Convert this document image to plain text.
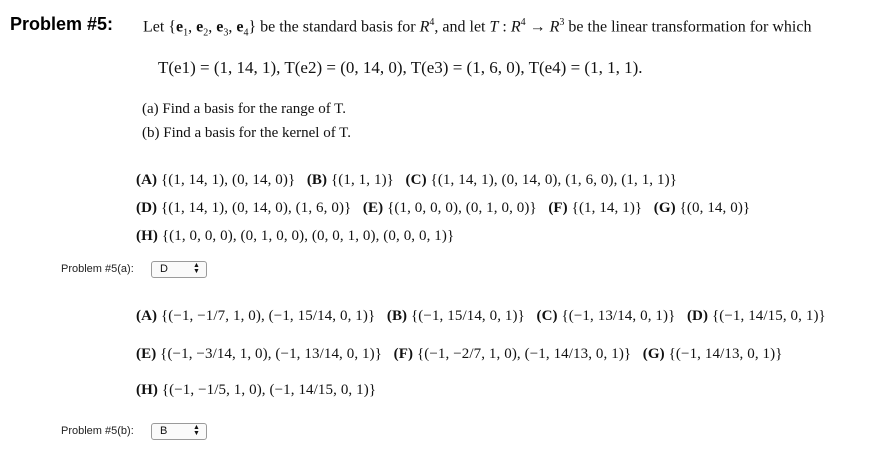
Problem #5: Let {$e_1$, $e_2$, $e_3$, $e_4$} be the standard basis for $R^4$, and let T : $R^4 \to R^3$ be the linear transformation for which
T(e1) = (1, 14, 1), T(e2) = (0, 14, 0), T(e3) = (1, 6, 0), T(e4) = (1, 1, 1).
(a) Find a basis for the range of T.
(b) Find a basis for the kernel of T.
(A) {(1, 14, 1), (0, 14, 0)} (B) {(1, 1, 1)} (C) {(1, 14, 1), (0, 14, 0), (1, 6, 0), (1, 1, 1)}
(D) {(1, 14, 1), (0, 14, 0), (1, 6, 0)} (E) {(1, 0, 0, 0), (0, 1, 0, 0)} (F) {(1, 14, 1)} (G) {(0, 14, 0)}
(H) {(1, 0, 0, 0), (0, 1, 0, 0), (0, 0, 1, 0), (0, 0, 0, 1)}
Problem #5(a): D	▲
▼
(A) {(−1, −1/7, 1, 0), (−1, 15/14, 0, 1)} (B) {(−1, 15/14, 0, 1)} (C) {(−1, 13/14, 0, 1)} (D) {(−1, 14/15, 0, 1)}
(E) {(−1, −3/14, 1, 0), (−1, 13/14, 0, 1)} (F) {(−1, −2/7, 1, 0), (−1, 14/13, 0, 1)} (G) {(−1, 14/13, 0, 1)}
(H) {(−1, −1/5, 1, 0), (−1, 14/15, 0, 1)}
Problem #5(b): B	▲
▼
